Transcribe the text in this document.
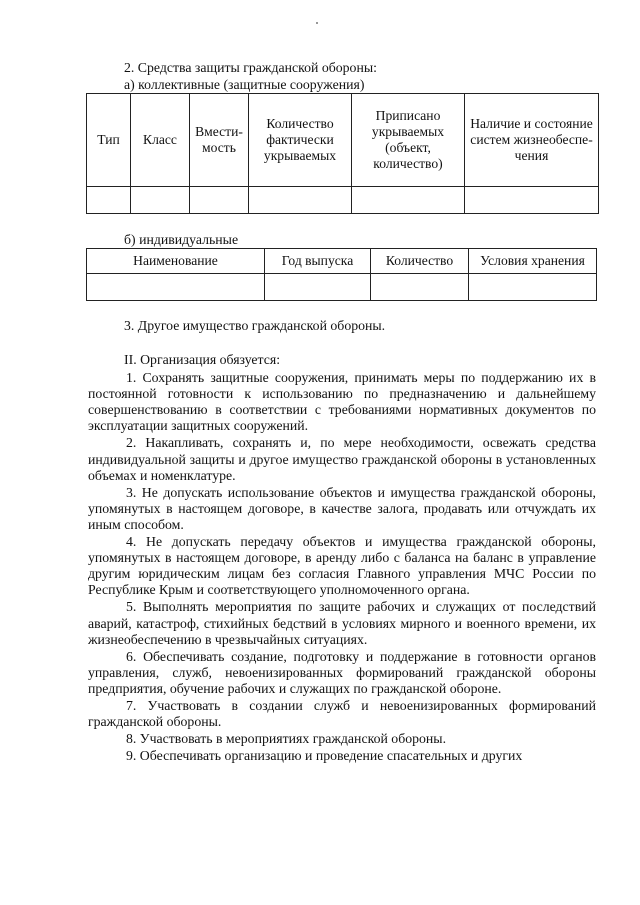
2. Средства защиты гражданской обороны:
а) коллективные (защитные сооружения)
Тип	Класс	Вмести-мость	Количество фактически укрываемых	Приписано укрываемых (объект, количество)	Наличие и состояние систем жизнеобеспе-чения

б) индивидуальные
Наименование	Год выпуска	Количество	Условия хранения

3. Другое имущество гражданской обороны.
II. Организация обязуется:

1. Сохранять защитные сооружения, принимать меры по поддержанию их в постоянной готовности к использованию по предназначению и дальнейшему совершенствованию в соответствии с требованиями нормативных документов по эксплуатации защитных сооружений.

2. Накапливать, сохранять и, по мере необходимости, освежать средства индивидуальной защиты и другое имущество гражданской обороны в установленных объемах и номенклатуре.

3. Не допускать использование объектов и имущества гражданской обороны, упомянутых в настоящем договоре, в качестве залога, продавать или отчуждать их иным способом.

4. Не допускать передачу объектов и имущества гражданской обороны, упомянутых в настоящем договоре, в аренду либо с баланса на баланс в управление другим юридическим лицам без согласия Главного управления МЧС России по Республике Крым и соответствующего уполномоченного органа.

5. Выполнять мероприятия по защите рабочих и служащих от последствий аварий, катастроф, стихийных бедствий в условиях мирного и военного времени, их жизнеобеспечению в чрезвычайных ситуациях.

6. Обеспечивать создание, подготовку и поддержание в готовности органов управления, служб, невоенизированных формирований гражданской обороны предприятия, обучение рабочих и служащих по гражданской обороне.

7. Участвовать в создании служб и невоенизированных формирований гражданской обороны.

8. Участвовать в мероприятиях гражданской обороны.

9. Обеспечивать организацию и проведение спасательных и других
